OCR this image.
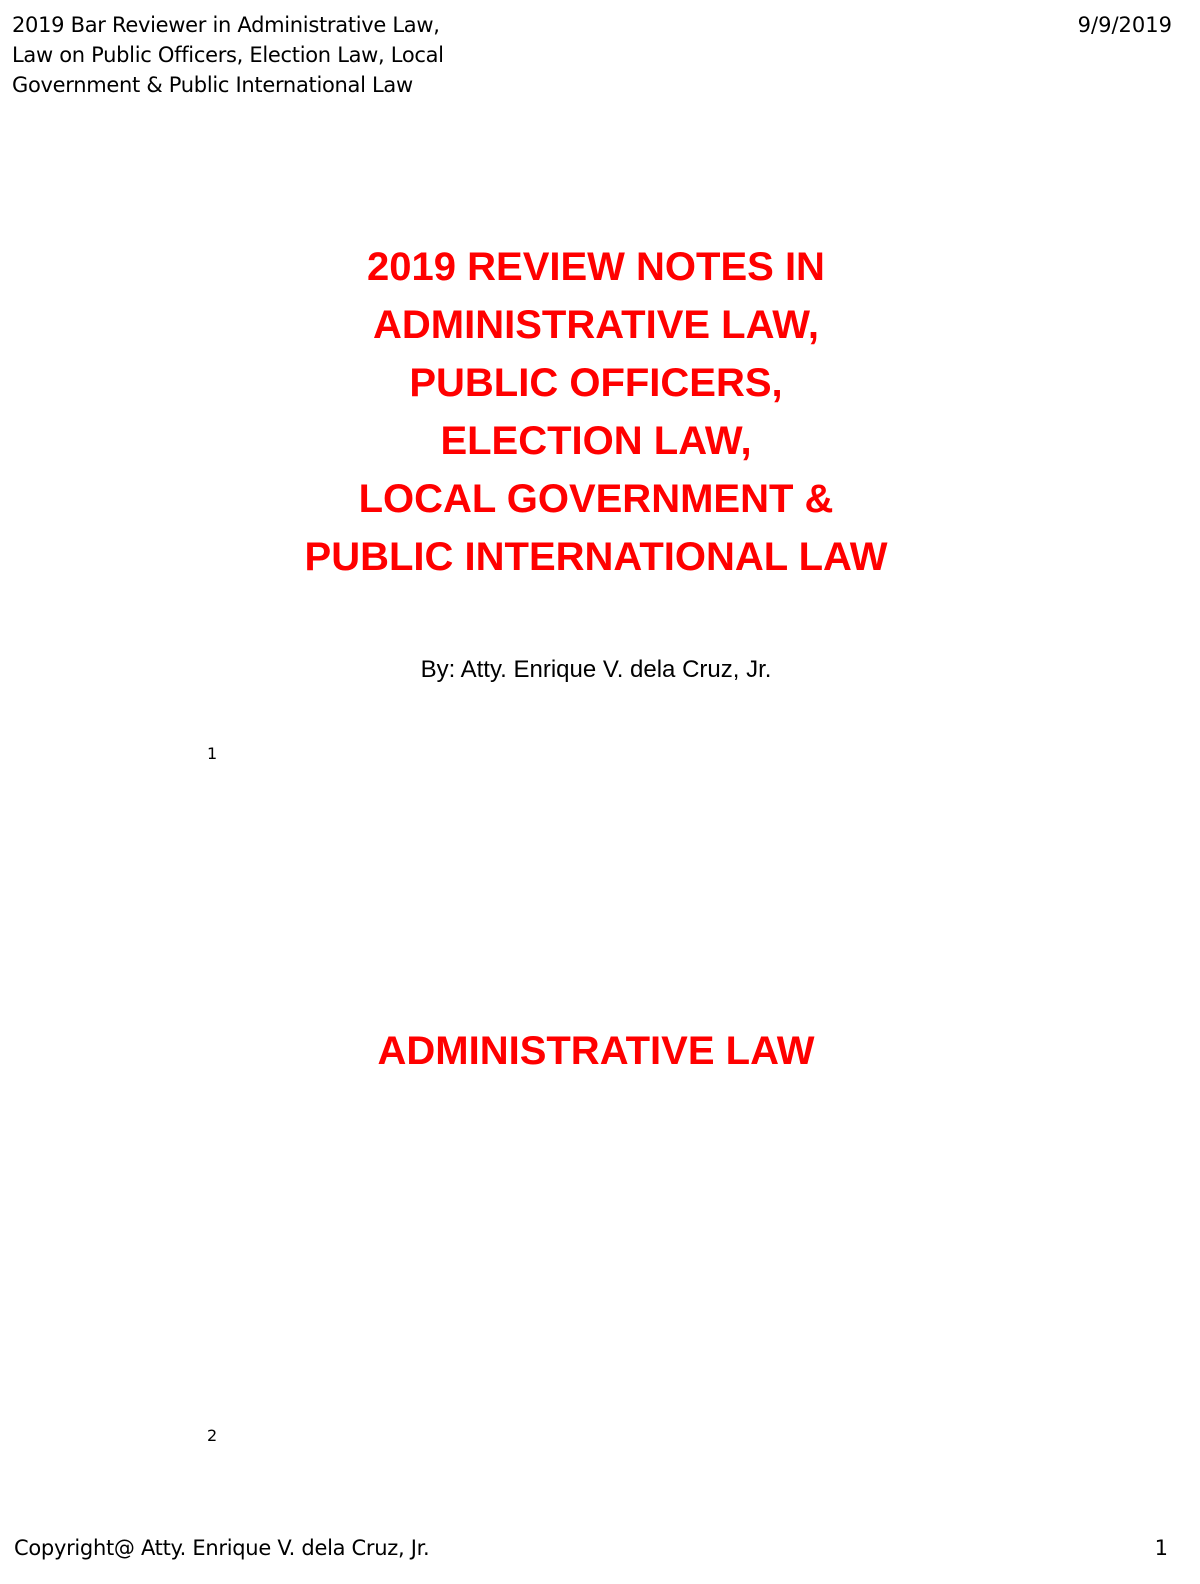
2019 Bar Reviewer in Administrative Law,
Law on Public Officers, Election Law, Local
Government & Public International Law
9/9/2019
2019 REVIEW NOTES IN
ADMINISTRATIVE LAW,
PUBLIC OFFICERS,
ELECTION LAW,
LOCAL GOVERNMENT &
PUBLIC INTERNATIONAL LAW
By: Atty. Enrique V. dela Cruz, Jr.
1
ADMINISTRATIVE LAW
2
Copyright@ Atty. Enrique V. dela Cruz, Jr.	1
